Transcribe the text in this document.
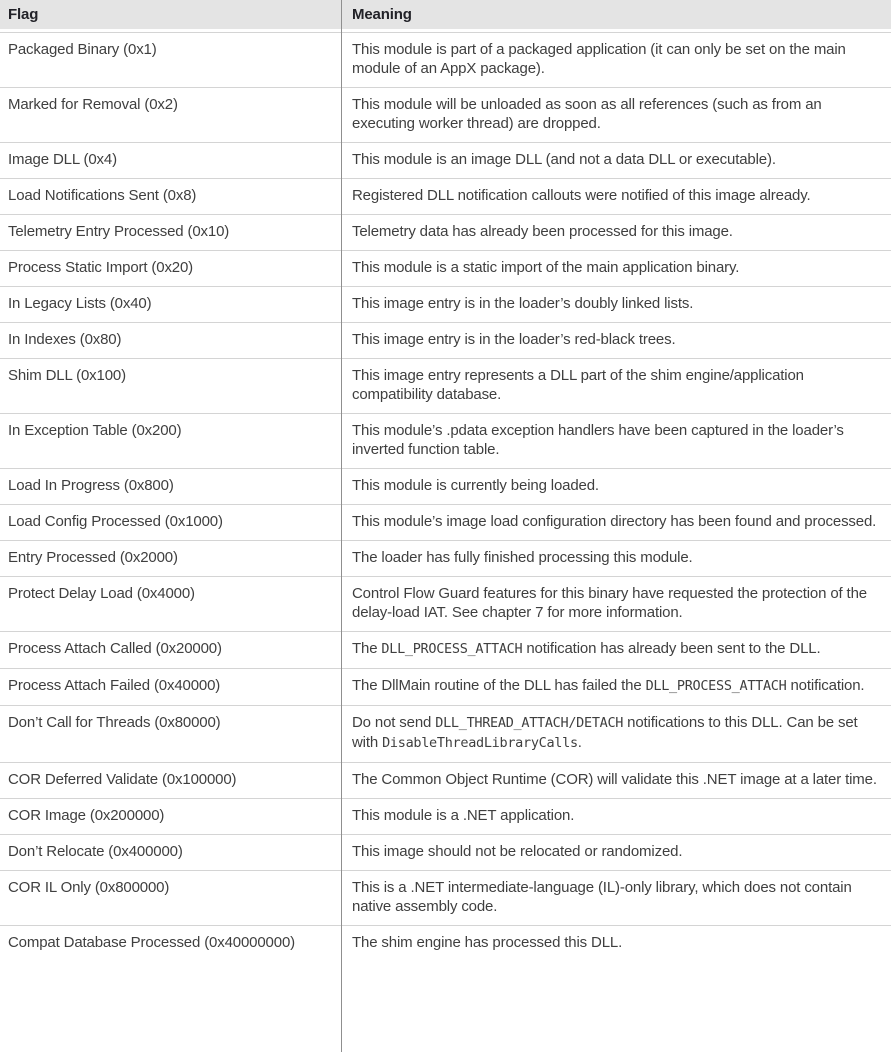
Flag	Meaning
Packaged Binary (0x1)	This module is part of a packaged application (it can only be set on the main module of an AppX package).
Marked for Removal (0x2)	This module will be unloaded as soon as all references (such as from an executing worker thread) are dropped.
Image DLL (0x4)	This module is an image DLL (and not a data DLL or executable).
Load Notifications Sent (0x8)	Registered DLL notification callouts were notified of this image already.
Telemetry Entry Processed (0x10)	Telemetry data has already been processed for this image.
Process Static Import (0x20)	This module is a static import of the main application binary.
In Legacy Lists (0x40)	This image entry is in the loader’s doubly linked lists.
In Indexes (0x80)	This image entry is in the loader’s red-black trees.
Shim DLL (0x100)	This image entry represents a DLL part of the shim engine/application compatibility database.
In Exception Table (0x200)	This module’s .pdata exception handlers have been captured in the loader’s inverted function table.
Load In Progress (0x800)	This module is currently being loaded.
Load Config Processed (0x1000)	This module’s image load configuration directory has been found and processed.
Entry Processed (0x2000)	The loader has fully finished processing this module.
Protect Delay Load (0x4000)	Control Flow Guard features for this binary have requested the protection of the delay-load IAT. See chapter 7 for more information.
Process Attach Called (0x20000)	The DLL_PROCESS_ATTACH notification has already been sent to the DLL.
Process Attach Failed (0x40000)	The DllMain routine of the DLL has failed the DLL_PROCESS_ATTACH notification.
Don’t Call for Threads (0x80000)	Do not send DLL_THREAD_ATTACH/DETACH notifications to this DLL. Can be set with DisableThreadLibraryCalls.
COR Deferred Validate (0x100000)	The Common Object Runtime (COR) will validate this .NET image at a later time.
COR Image (0x200000)	This module is a .NET application.
Don’t Relocate (0x400000)	This image should not be relocated or randomized.
COR IL Only (0x800000)	This is a .NET intermediate-language (IL)-only library, which does not contain native assembly code.
Compat Database Processed (0x40000000)	The shim engine has processed this DLL.
